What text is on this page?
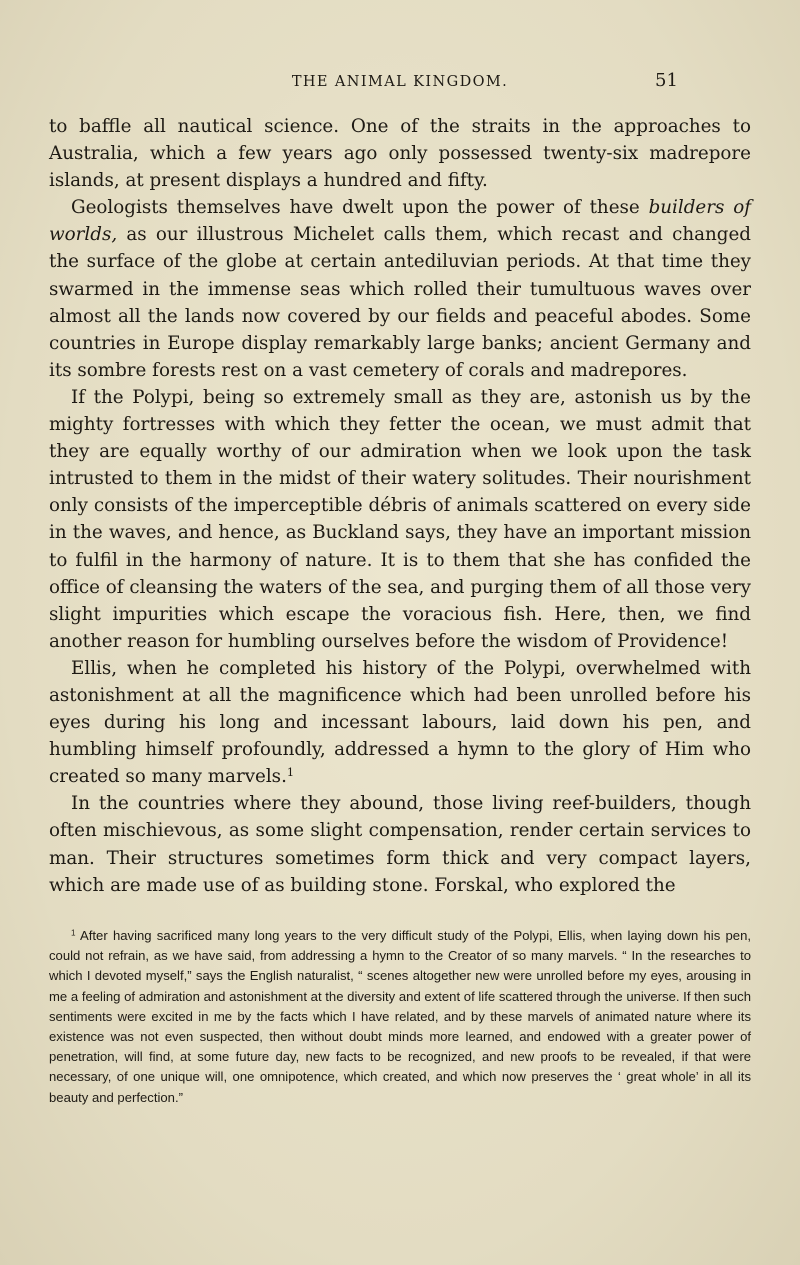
THE ANIMAL KINGDOM.	51

to baffle all nautical science. One of the straits in the approaches to Australia, which a few years ago only possessed twenty-six madrepore islands, at present displays a hundred and fifty.

Geologists themselves have dwelt upon the power of these builders of worlds, as our illustrous Michelet calls them, which recast and changed the surface of the globe at certain antediluvian periods. At that time they swarmed in the immense seas which rolled their tumultuous waves over almost all the lands now covered by our fields and peaceful abodes. Some countries in Europe display remarkably large banks; ancient Germany and its sombre forests rest on a vast cemetery of corals and madrepores.

If the Polypi, being so extremely small as they are, astonish us by the mighty fortresses with which they fetter the ocean, we must admit that they are equally worthy of our admiration when we look upon the task intrusted to them in the midst of their watery solitudes. Their nourishment only consists of the imperceptible débris of animals scattered on every side in the waves, and hence, as Buckland says, they have an important mission to fulfil in the harmony of nature. It is to them that she has confided the office of cleansing the waters of the sea, and purging them of all those very slight impurities which escape the voracious fish. Here, then, we find another reason for humbling ourselves before the wisdom of Providence!

Ellis, when he completed his history of the Polypi, overwhelmed with astonishment at all the magnificence which had been unrolled before his eyes during his long and incessant labours, laid down his pen, and humbling himself profoundly, addressed a hymn to the glory of Him who created so many marvels.$^1$

In the countries where they abound, those living reef-builders, though often mischievous, as some slight compensation, render certain services to man. Their structures sometimes form thick and very compact layers, which are made use of as building stone. Forskal, who explored the

$^1$ After having sacrificed many long years to the very difficult study of the Polypi, Ellis, when laying down his pen, could not refrain, as we have said, from addressing a hymn to the Creator of so many marvels. “ In the researches to which I devoted myself,” says the English naturalist, “ scenes altogether new were unrolled before my eyes, arousing in me a feeling of admiration and astonishment at the diversity and extent of life scattered through the universe. If then such sentiments were excited in me by the facts which I have related, and by these marvels of animated nature where its existence was not even suspected, then without doubt minds more learned, and endowed with a greater power of penetration, will find, at some future day, new facts to be recognized, and new proofs to be revealed, if that were necessary, of one unique will, one omnipotence, which created, and which now preserves the ‘ great whole’ in all its beauty and perfection.”
